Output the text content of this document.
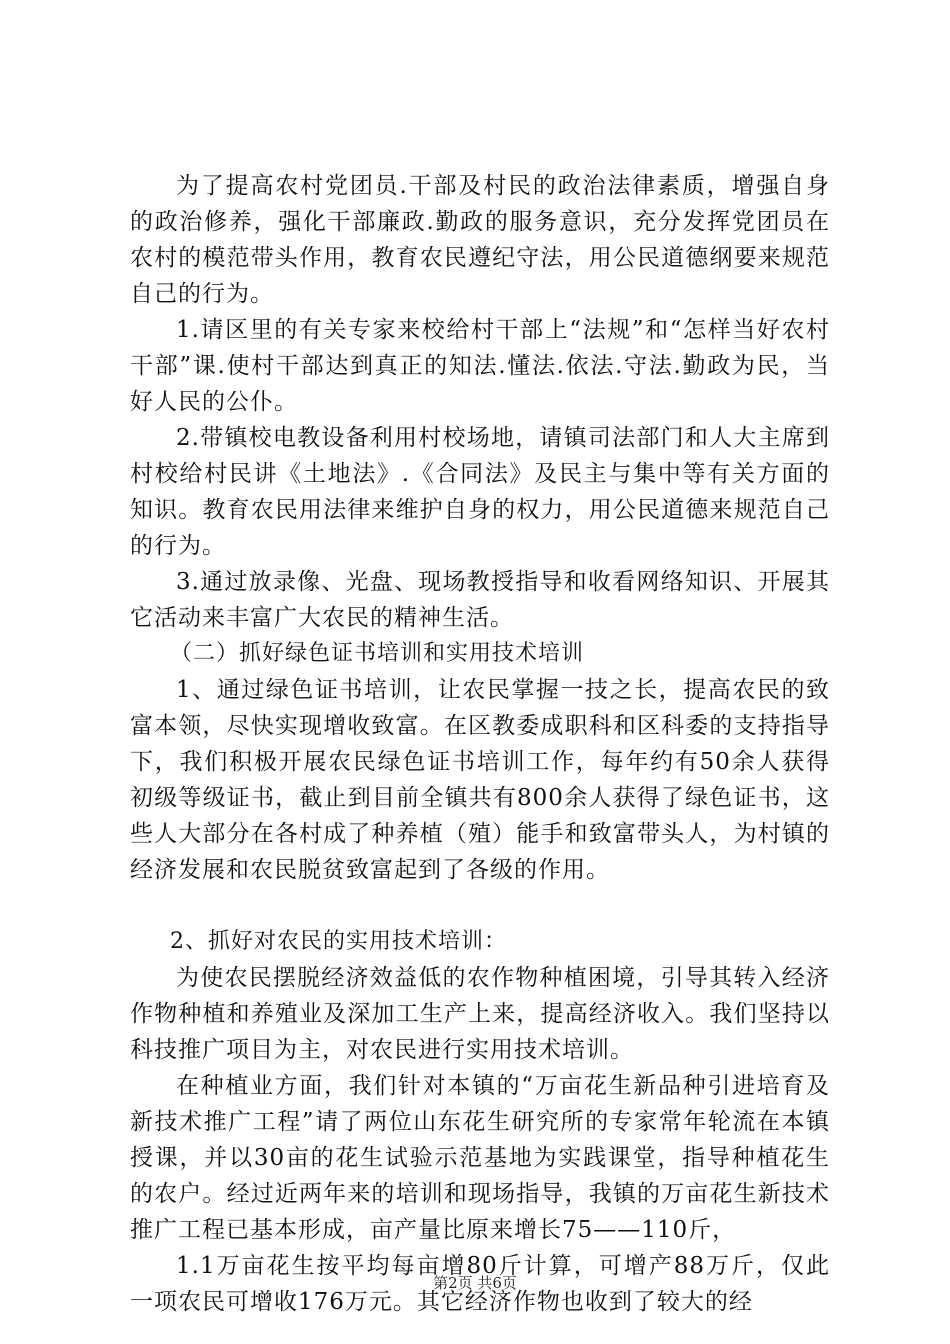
为了提高农村党团员.干部及村民的政治法律素质，增强自身的政治修养，强化干部廉政.勤政的服务意识，充分发挥党团员在农村的模范带头作用，教育农民遵纪守法，用公民道德纲要来规范自己的行为。

1.请区里的有关专家来校给村干部上“法规”和“怎样当好农村干部”课.使村干部达到真正的知法.懂法.依法.守法.勤政为民，当好人民的公仆。

2.带镇校电教设备利用村校场地，请镇司法部门和人大主席到村校给村民讲《土地法》.《合同法》及民主与集中等有关方面的知识。教育农民用法律来维护自身的权力，用公民道德来规范自己的行为。

3.通过放录像、光盘、现场教授指导和收看网络知识、开展其它活动来丰富广大农民的精神生活。

（二）抓好绿色证书培训和实用技术培训

1、通过绿色证书培训，让农民掌握一技之长，提高农民的致富本领，尽快实现增收致富。在区教委成职科和区科委的支持指导下，我们积极开展农民绿色证书培训工作，每年约有50余人获得初级等级证书，截止到目前全镇共有800余人获得了绿色证书，这些人大部分在各村成了种养植（殖）能手和致富带头人，为村镇的经济发展和农民脱贫致富起到了各级的作用。

2、抓好对农民的实用技术培训：

为使农民摆脱经济效益低的农作物种植困境，引导其转入经济作物种植和养殖业及深加工生产上来，提高经济收入。我们坚持以科技推广项目为主，对农民进行实用技术培训。

在种植业方面，我们针对本镇的“万亩花生新品种引进培育及新技术推广工程”请了两位山东花生研究所的专家常年轮流在本镇授课，并以30亩的花生试验示范基地为实践课堂，指导种植花生的农户。经过近两年来的培训和现场指导，我镇的万亩花生新技术推广工程已基本形成，亩产量比原来增长75——110斤，

1.1万亩花生按平均每亩增80斤计算，可增产88万斤，仅此一项农民可增收176万元。其它经济作物也收到了较大的经

第2页 共6页
